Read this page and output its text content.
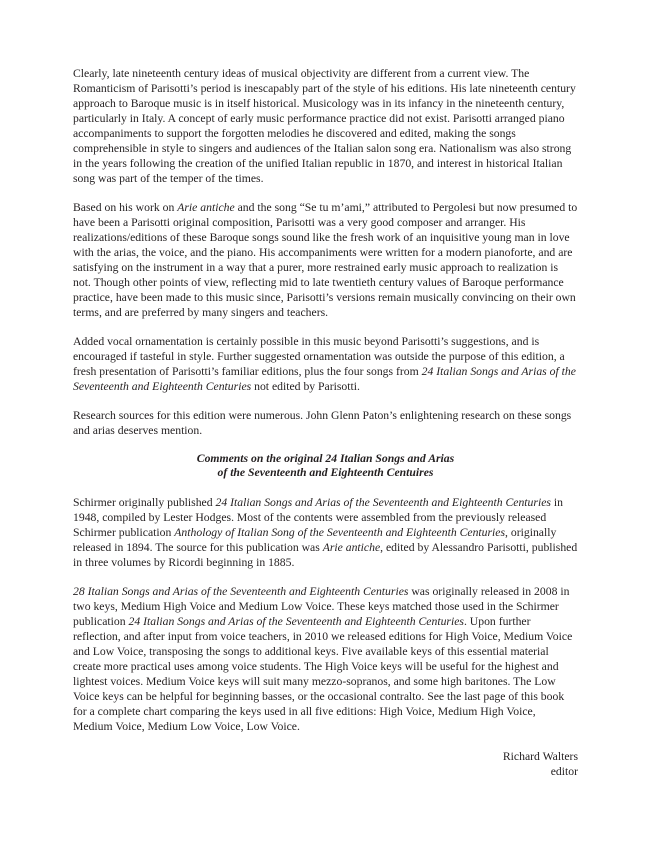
Clearly, late nineteenth century ideas of musical objectivity are different from a current view. The Romanticism of Parisotti’s period is inescapably part of the style of his editions. His late nineteenth century approach to Baroque music is in itself historical. Musicology was in its infancy in the nineteenth century, particularly in Italy. A concept of early music performance practice did not exist. Parisotti arranged piano accompaniments to support the forgotten melodies he discovered and edited, making the songs comprehensible in style to singers and audiences of the Italian salon song era. Nationalism was also strong in the years following the creation of the unified Italian republic in 1870, and interest in historical Italian song was part of the temper of the times.

Based on his work on Arie antiche and the song “Se tu m’ami,” attributed to Pergolesi but now presumed to have been a Parisotti original composition, Parisotti was a very good composer and arranger. His realizations/editions of these Baroque songs sound like the fresh work of an inquisitive young man in love with the arias, the voice, and the piano. His accompaniments were written for a modern pianoforte, and are satisfying on the instrument in a way that a purer, more restrained early music approach to realization is not. Though other points of view, reflecting mid to late twentieth century values of Baroque performance practice, have been made to this music since, Parisotti’s versions remain musically convincing on their own terms, and are preferred by many singers and teachers.

Added vocal ornamentation is certainly possible in this music beyond Parisotti’s suggestions, and is encouraged if tasteful in style. Further suggested ornamentation was outside the purpose of this edition, a fresh presentation of Parisotti’s familiar editions, plus the four songs from 24 Italian Songs and Arias of the Seventeenth and Eighteenth Centuries not edited by Parisotti.

Research sources for this edition were numerous. John Glenn Paton’s enlightening research on these songs and arias deserves mention.

Comments on the original 24 Italian Songs and Arias
of the Seventeenth and Eighteenth Centuires

Schirmer originally published 24 Italian Songs and Arias of the Seventeenth and Eighteenth Centuries in 1948, compiled by Lester Hodges. Most of the contents were assembled from the previously released Schirmer publication Anthology of Italian Song of the Seventeenth and Eighteenth Centuries, originally released in 1894. The source for this publication was Arie antiche, edited by Alessandro Parisotti, published in three volumes by Ricordi beginning in 1885.

28 Italian Songs and Arias of the Seventeenth and Eighteenth Centuries was originally released in 2008 in two keys, Medium High Voice and Medium Low Voice. These keys matched those used in the Schirmer publication 24 Italian Songs and Arias of the Seventeenth and Eighteenth Centuries. Upon further reflection, and after input from voice teachers, in 2010 we released editions for High Voice, Medium Voice and Low Voice, transposing the songs to additional keys. Five available keys of this essential material create more practical uses among voice students. The High Voice keys will be useful for the highest and lightest voices. Medium Voice keys will suit many mezzo-sopranos, and some high baritones. The Low Voice keys can be helpful for beginning basses, or the occasional contralto. See the last page of this book for a complete chart comparing the keys used in all five editions: High Voice, Medium High Voice, Medium Voice, Medium Low Voice, Low Voice.

Richard Walters
editor
